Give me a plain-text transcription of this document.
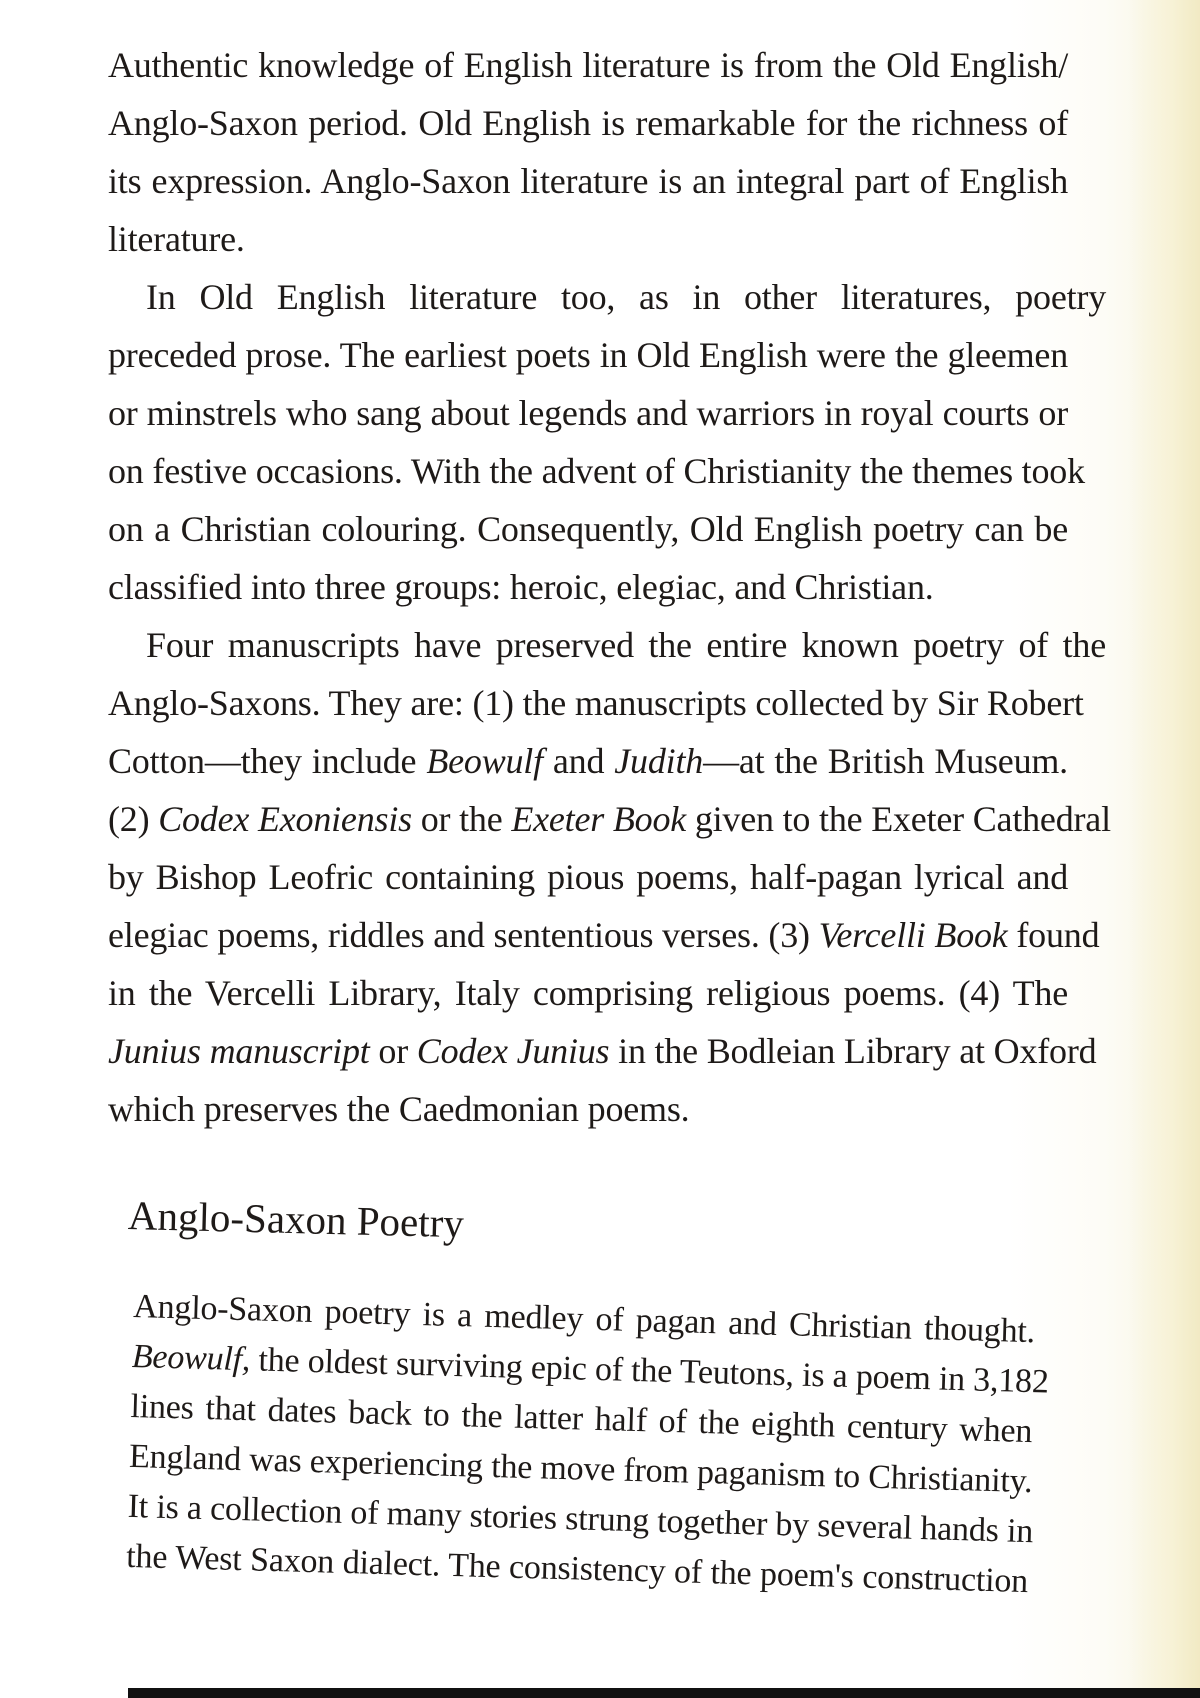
Authentic knowledge of English literature is from the Old English/
Anglo-Saxon period. Old English is remarkable for the richness of
its expression. Anglo-Saxon literature is an integral part of English
literature.
In Old English literature too, as in other literatures, poetry
preceded prose. The earliest poets in Old English were the gleemen
or minstrels who sang about legends and warriors in royal courts or
on festive occasions. With the advent of Christianity the themes took
on a Christian colouring. Consequently, Old English poetry can be
classified into three groups: heroic, elegiac, and Christian.
Four manuscripts have preserved the entire known poetry of the
Anglo-Saxons. They are: (1) the manuscripts collected by Sir Robert
Cotton—they include Beowulf and Judith—at the British Museum.
(2) Codex Exoniensis or the Exeter Book given to the Exeter Cathedral
by Bishop Leofric containing pious poems, half-pagan lyrical and
elegiac poems, riddles and sententious verses. (3) Vercelli Book found
in the Vercelli Library, Italy comprising religious poems. (4) The
Junius manuscript or Codex Junius in the Bodleian Library at Oxford
which preserves the Caedmonian poems.
Anglo-Saxon Poetry
Anglo-Saxon poetry is a medley of pagan and Christian thought.
Beowulf, the oldest surviving epic of the Teutons, is a poem in 3,182
lines that dates back to the latter half of the eighth century when
England was experiencing the move from paganism to Christianity.
It is a collection of many stories strung together by several hands in
the West Saxon dialect. The consistency of the poem's construction
